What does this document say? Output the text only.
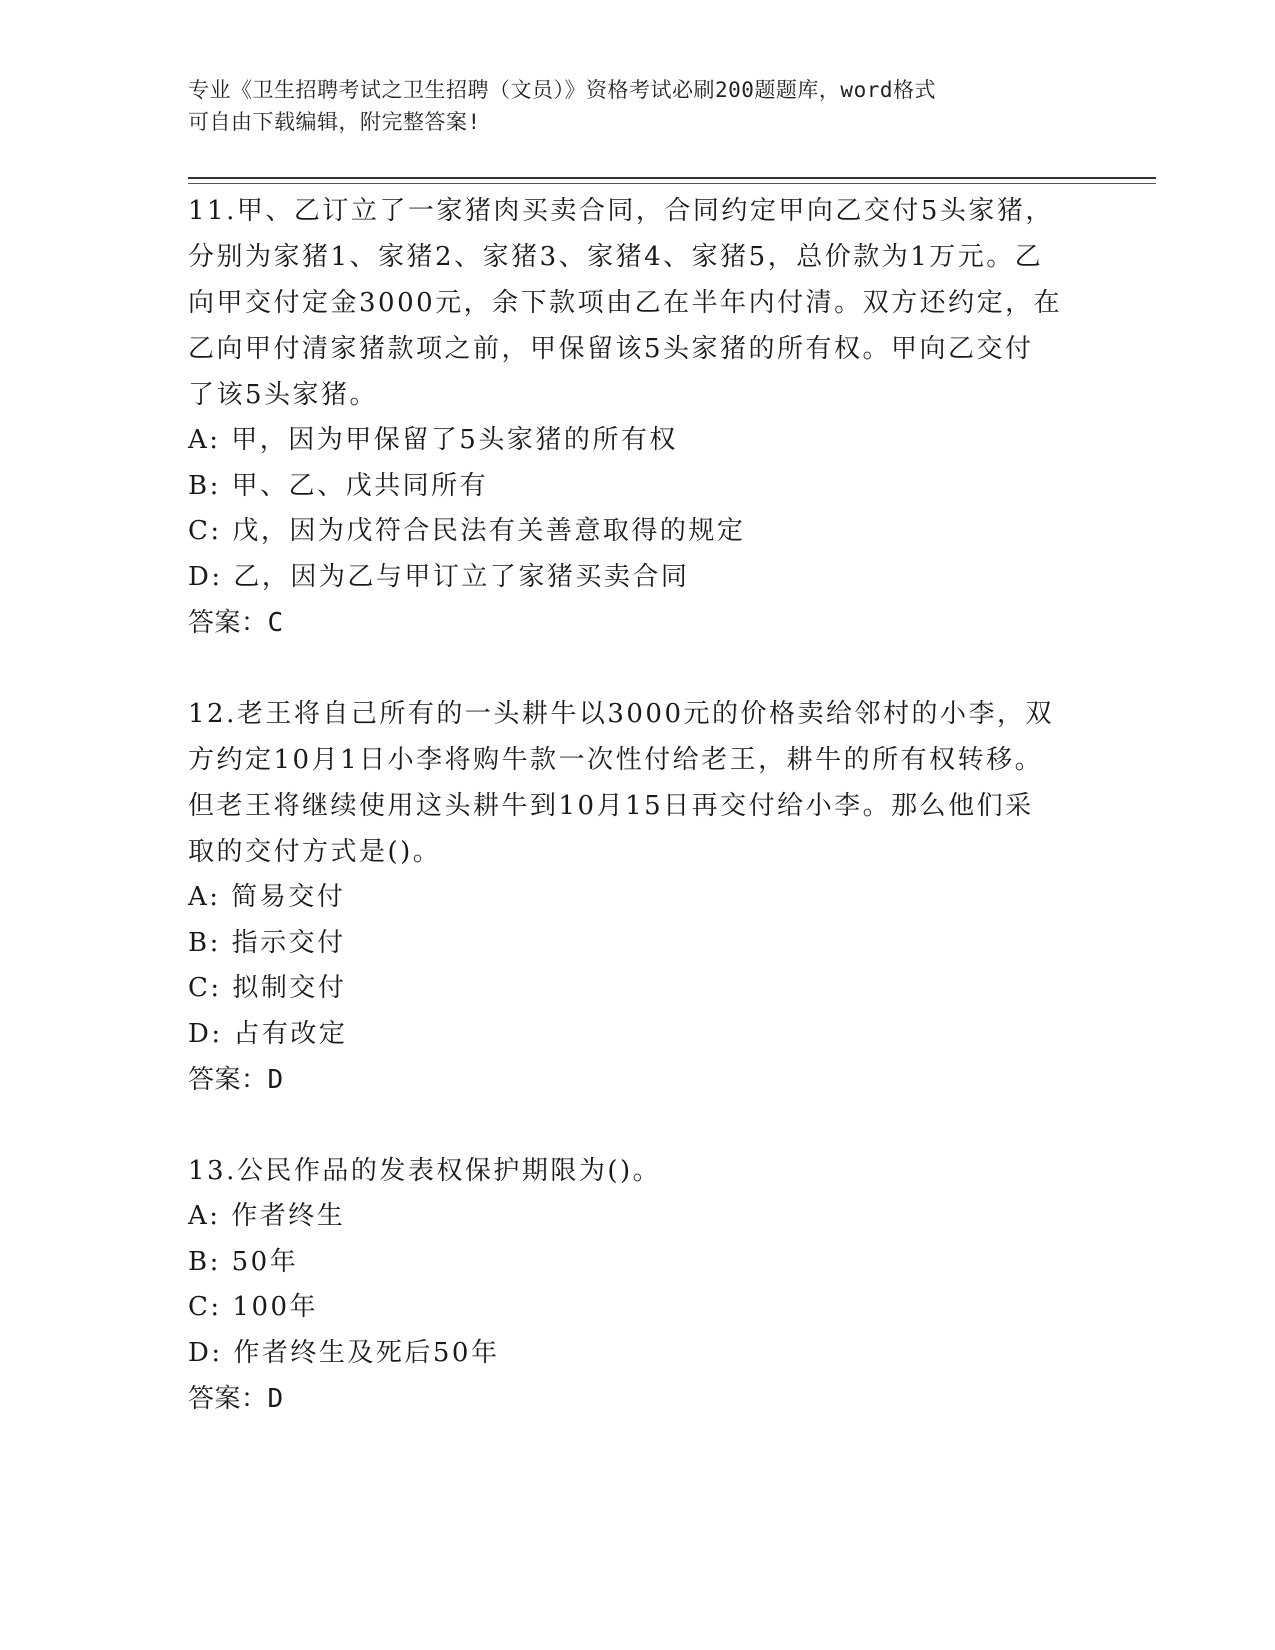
专业《卫生招聘考试之卫生招聘（文员）》资格考试必刷200题题库，word格式

可自由下载编辑，附完整答案!

11.甲、乙订立了一家猪肉买卖合同，合同约定甲向乙交付5头家猪，

分别为家猪1、家猪2、家猪3、家猪4、家猪5，总价款为1万元。乙

向甲交付定金3000元，余下款项由乙在半年内付清。双方还约定，在

乙向甲付清家猪款项之前，甲保留该5头家猪的所有权。甲向乙交付

了该5头家猪。

A: 甲，因为甲保留了5头家猪的所有权

B: 甲、乙、戊共同所有

C: 戊，因为戊符合民法有关善意取得的规定

D: 乙，因为乙与甲订立了家猪买卖合同

答案：C

12.老王将自己所有的一头耕牛以3000元的价格卖给邻村的小李，双

方约定10月1日小李将购牛款一次性付给老王，耕牛的所有权转移。

但老王将继续使用这头耕牛到10月15日再交付给小李。那么他们采

取的交付方式是()。

A: 简易交付

B: 指示交付

C: 拟制交付

D: 占有改定

答案：D

13.公民作品的发表权保护期限为()。

A: 作者终生

B: 50年

C: 100年

D: 作者终生及死后50年

答案：D
